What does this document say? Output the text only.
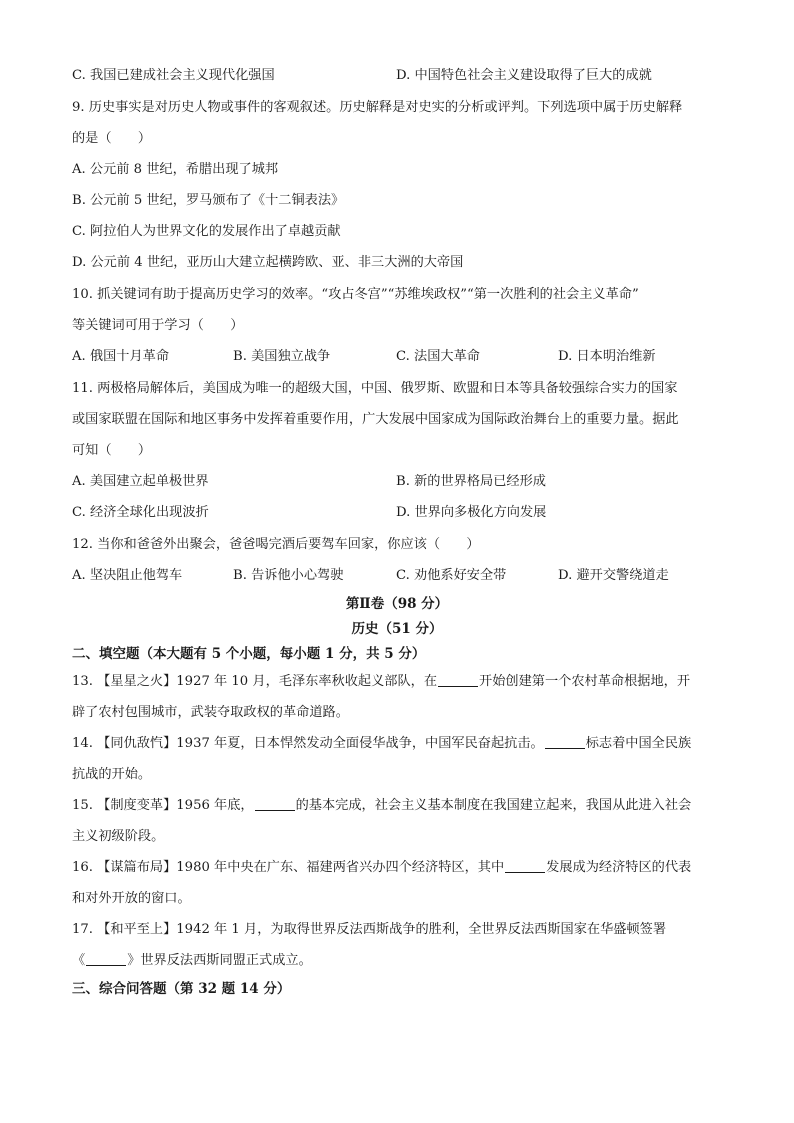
C. 我国已建成社会主义现代化强国	D. 中国特色社会主义建设取得了巨大的成就
9. 历史事实是对历史人物或事件的客观叙述。历史解释是对史实的分析或评判。下列选项中属于历史解释
的是（　　）
A. 公元前 8 世纪，希腊出现了城邦
B. 公元前 5 世纪，罗马颁布了《十二铜表法》
C. 阿拉伯人为世界文化的发展作出了卓越贡献
D. 公元前 4 世纪，亚历山大建立起横跨欧、亚、非三大洲的大帝国
10. 抓关键词有助于提高历史学习的效率。“攻占冬宫”“苏维埃政权”“第一次胜利的社会主义革命”
等关键词可用于学习（　　）
A. 俄国十月革命	B. 美国独立战争	C. 法国大革命	D. 日本明治维新
11. 两极格局解体后，美国成为唯一的超级大国，中国、俄罗斯、欧盟和日本等具备较强综合实力的国家
或国家联盟在国际和地区事务中发挥着重要作用，广大发展中国家成为国际政治舞台上的重要力量。据此
可知（　　）
A. 美国建立起单极世界	B. 新的世界格局已经形成
C. 经济全球化出现波折	D. 世界向多极化方向发展
12. 当你和爸爸外出聚会，爸爸喝完酒后要驾车回家，你应该（　　）
A. 坚决阻止他驾车	B. 告诉他小心驾驶	C. 劝他系好安全带	D. 避开交警绕道走
第Ⅱ卷（98 分）
历史（51 分）
二、填空题（本大题有 5 个小题，每小题 1 分，共 5 分）
13. 【星星之火】1927 年 10 月，毛泽东率秋收起义部队，在	开始创建第一个农村革命根据地，开
辟了农村包围城市，武装夺取政权的革命道路。
14. 【同仇敌忾】1937 年夏，日本悍然发动全面侵华战争，中国军民奋起抗击。	标志着中国全民族
抗战的开始。
15. 【制度变革】1956 年底，	的基本完成，社会主义基本制度在我国建立起来，我国从此进入社会
主义初级阶段。
16. 【谋篇布局】1980 年中央在广东、福建两省兴办四个经济特区，其中	发展成为经济特区的代表
和对外开放的窗口。
17. 【和平至上】1942 年 1 月，为取得世界反法西斯战争的胜利，全世界反法西斯国家在华盛顿签署
《	》世界反法西斯同盟正式成立。
三、综合问答题（第 32 题 14 分）
